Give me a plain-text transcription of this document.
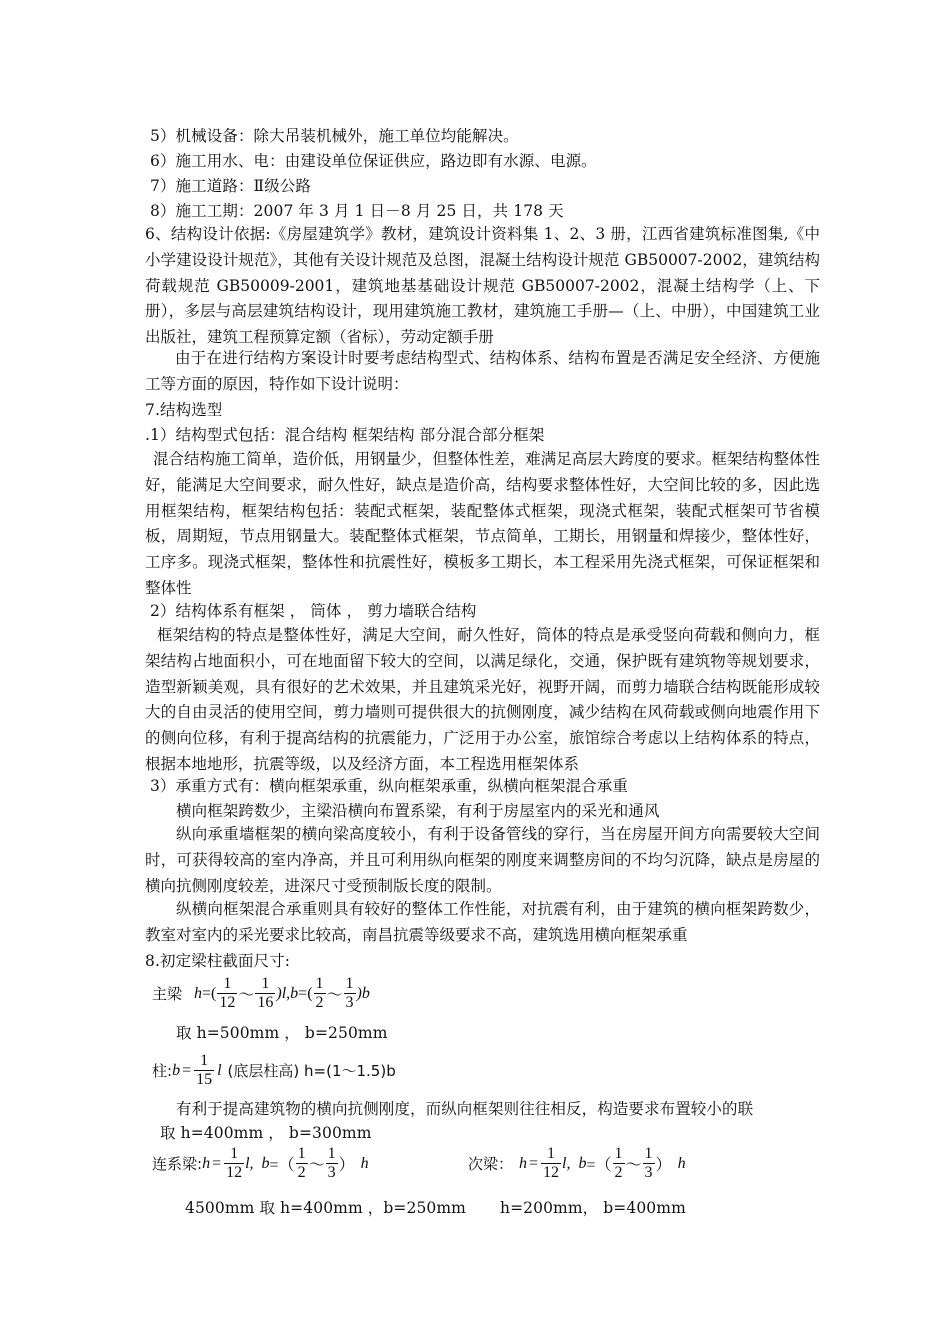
5）机械设备：除大吊装机械外，施工单位均能解决。
6）施工用水、电：由建设单位保证供应，路边即有水源、电源。
7）施工道路：Ⅱ级公路
8）施工工期：2007 年 3 月 1 日－8 月 25 日，共 178 天
6、结构设计依据:《房屋建筑学》教材，建筑设计资料集 1、2、3 册，江西省建筑标准图集,《中小学建设设计规范》，其他有关设计规范及总图，混凝土结构设计规范 GB50007-2002，建筑结构荷载规范 GB50009-2001，建筑地基基础设计规范 GB50007-2002，混凝土结构学（上、下册），多层与高层建筑结构设计，现用建筑施工教材，建筑施工手册—（上、中册），中国建筑工业出版社，建筑工程预算定额（省标），劳动定额手册
由于在进行结构方案设计时要考虑结构型式、结构体系、结构布置是否满足安全经济、方便施工等方面的原因，特作如下设计说明：
7.结构选型
.1）结构型式包括：混合结构 框架结构 部分混合部分框架
混合结构施工简单，造价低，用钢量少，但整体性差，难满足高层大跨度的要求。框架结构整体性好，能满足大空间要求，耐久性好，缺点是造价高，结构要求整体性好，大空间比较的多，因此选用框架结构，框架结构包括：装配式框架，装配整体式框架，现浇式框架，装配式框架可节省模板，周期短，节点用钢量大。装配整体式框架，节点简单，工期长，用钢量和焊接少，整体性好，工序多。现浇式框架，整体性和抗震性好，模板多工期长，本工程采用先浇式框架，可保证框架和整体性
2）结构体系有框架 ， 筒体 ， 剪力墙联合结构
框架结构的特点是整体性好，满足大空间，耐久性好，筒体的特点是承受竖向荷载和侧向力，框架结构占地面积小，可在地面留下较大的空间，以满足绿化，交通，保护既有建筑物等规划要求，造型新颖美观，具有很好的艺术效果，并且建筑采光好，视野开阔，而剪力墙联合结构既能形成较大的自由灵活的使用空间，剪力墙则可提供很大的抗侧刚度，减少结构在风荷载或侧向地震作用下的侧向位移，有利于提高结构的抗震能力，广泛用于办公室，旅馆综合考虑以上结构体系的特点， 根据本地地形，抗震等级，以及经济方面，本工程选用框架体系
3）承重方式有：横向框架承重，纵向框架承重，纵横向框架混合承重
横向框架跨数少，主梁沿横向布置系梁，有利于房屋室内的采光和通风
纵向承重墙框架的横向梁高度较小，有利于设备管线的穿行，当在房屋开间方向需要较大空间时，可获得较高的室内净高，并且可利用纵向框架的刚度来调整房间的不均匀沉降，缺点是房屋的横向抗侧刚度较差，进深尺寸受预制版长度的限制。
纵横向框架混合承重则具有较好的整体工作性能，对抗震有利，由于建筑的横向框架跨数少，教室对室内的采光要求比较高，南昌抗震等级要求不高，建筑选用横向框架承重
8.初定梁柱截面尺寸:
主梁 h =( $\frac{1}{12}$ ～ $\frac{1}{16} )l$, b =( $\frac{1}{2}$ ～ $\frac{1}{3} )b$
取 h=500mm ， b=250mm
柱: $b = \frac{1}{15}$ l (底层柱高) h=(1～1.5)b
有利于提高建筑物的横向抗侧刚度，而纵向框架则往往相反，构造要求布置较小的联
取 h=400mm ， b=300mm
连系梁: $h = \frac{1}{12} l$, b =（ $\frac{1}{2}$ ～ $\frac{1}{3}$ ） h	次梁： $h = \frac{1}{12} l$, b =（ $\frac{1}{2}$ ～ $\frac{1}{3}$ ） h
4500mm 取 h=400mm ，b=250mm h=200mm， b=400mm
